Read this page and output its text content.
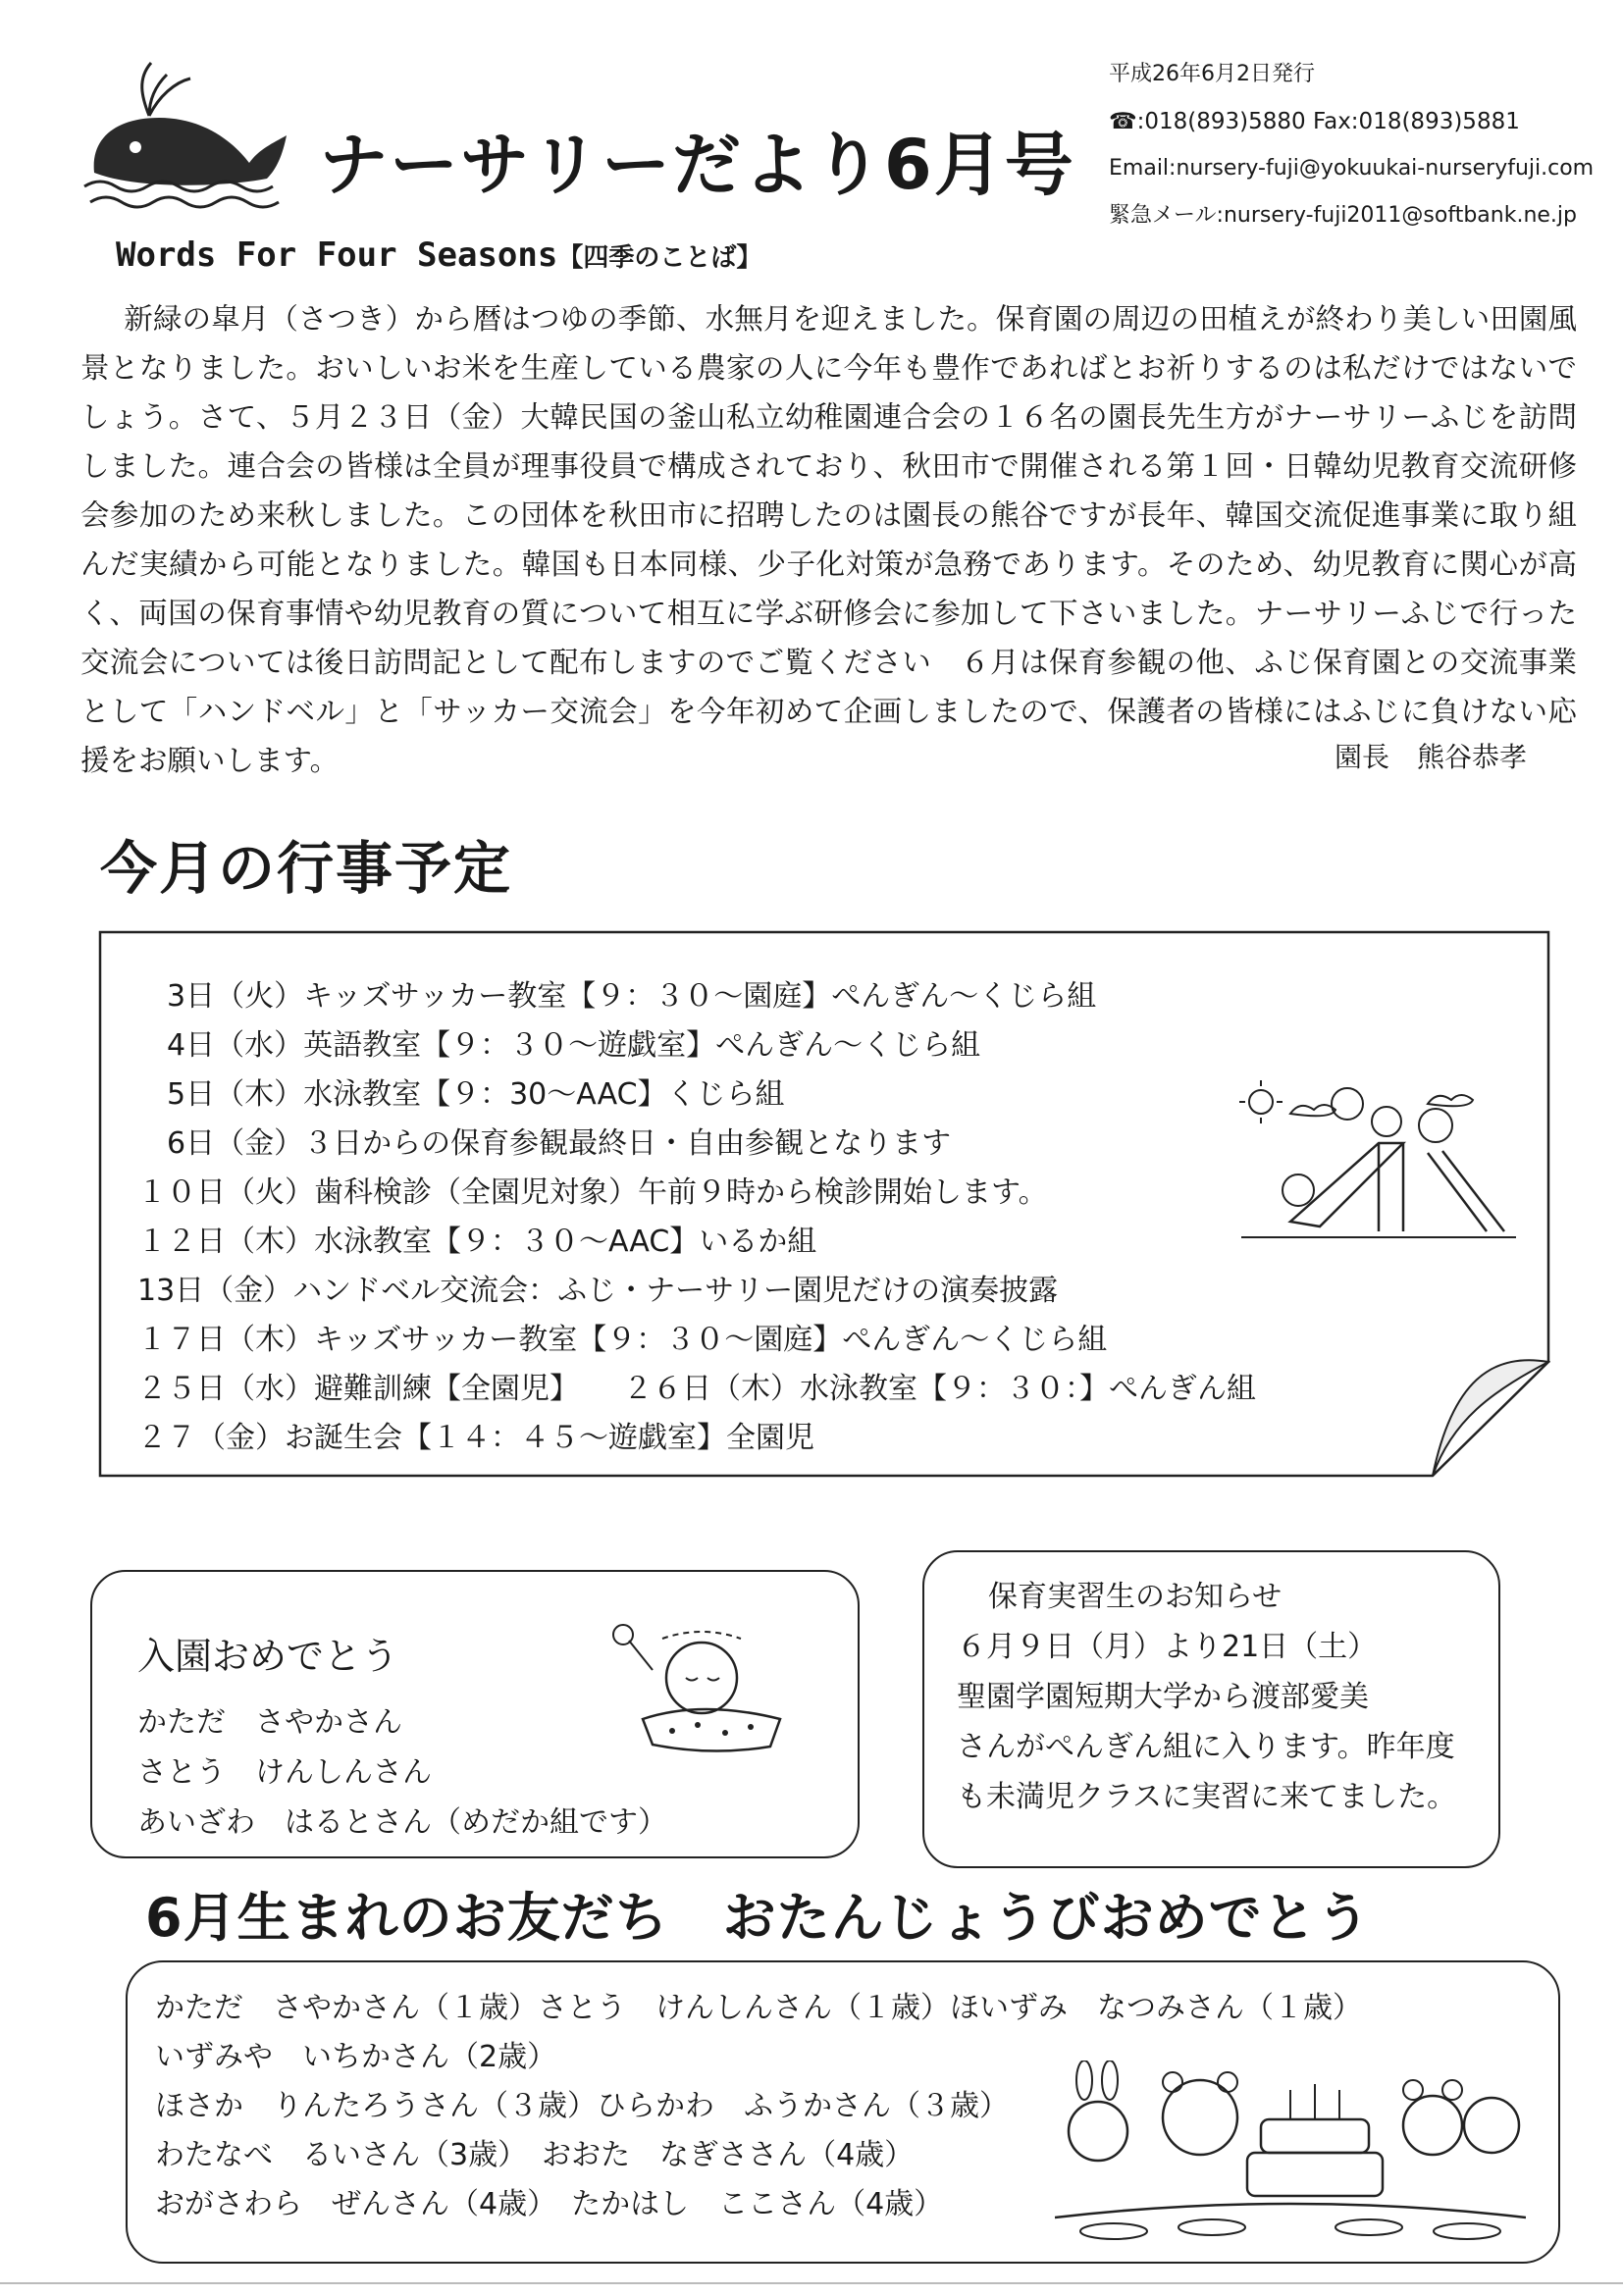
ナーサリーだより6月号
平成26年6月2日発行
☎:018(893)5880 Fax:018(893)5881
Email:nursery-fuji@yokuukai-nurseryfuji.com
緊急メール:nursery-fuji2011@softbank.ne.jp
Words For Four Seasons【四季のことば】
新緑の皐月（さつき）から暦はつゆの季節、水無月を迎えました。保育園の周辺の田植えが終わり美しい田園風景となりました。おいしいお米を生産している農家の人に今年も豊作であればとお祈りするのは私だけではないでしょう。さて、５月２３日（金）大韓民国の釜山私立幼稚園連合会の１６名の園長先生方がナーサリーふじを訪問しました。連合会の皆様は全員が理事役員で構成されており、秋田市で開催される第１回・日韓幼児教育交流研修会参加のため来秋しました。この団体を秋田市に招聘したのは園長の熊谷ですが長年、韓国交流促進事業に取り組んだ実績から可能となりました。韓国も日本同様、少子化対策が急務であります。そのため、幼児教育に関心が高く、両国の保育事情や幼児教育の質について相互に学ぶ研修会に参加して下さいました。ナーサリーふじで行った交流会については後日訪問記として配布しますのでご覧ください　６月は保育参観の他、ふじ保育園との交流事業として「ハンドベル」と「サッカー交流会」を今年初めて企画しましたので、保護者の皆様にはふじに負けない応援をお願いします。	園長　熊谷恭孝
今月の行事予定
　3日（火）キッズサッカー教室【９：３０～園庭】ぺんぎん～くじら組
　4日（水）英語教室【９：３０～遊戯室】ぺんぎん～くじら組
　5日（木）水泳教室【９：30～AAC】くじら組
　6日（金）３日からの保育参観最終日・自由参観となります
１０日（火）歯科検診（全園児対象）午前９時から検診開始します。
１２日（木）水泳教室【９：３０～AAC】いるか組
13日（金）ハンドベル交流会：ふじ・ナーサリー園児だけの演奏披露
１７日（木）キッズサッカー教室【９：３０～園庭】ぺんぎん～くじら組
２５日（水）避難訓練【全園児】　　２６日（木）水泳教室【９：３０：】ぺんぎん組
２７（金）お誕生会【１４：４５～遊戯室】全園児
入園おめでとう
かただ　さやかさん
さとう　けんしんさん
あいざわ　はるとさん（めだか組です）
保育実習生のお知らせ
６月９日（月）より21日（土）
聖園学園短期大学から渡部愛美
さんがぺんぎん組に入ります。昨年度
も未満児クラスに実習に来てました。
6月生まれのお友だち　おたんじょうびおめでとう
かただ　さやかさん（１歳）さとう　けんしんさん（１歳）ほいずみ　なつみさん（１歳）
いずみや　いちかさん（2歳）
ほさか　りんたろうさん（３歳）ひらかわ　ふうかさん（３歳）
わたなべ　るいさん（3歳）　おおた　なぎささん（4歳）
おがさわら　ぜんさん（4歳）　たかはし　ここさん（4歳）
